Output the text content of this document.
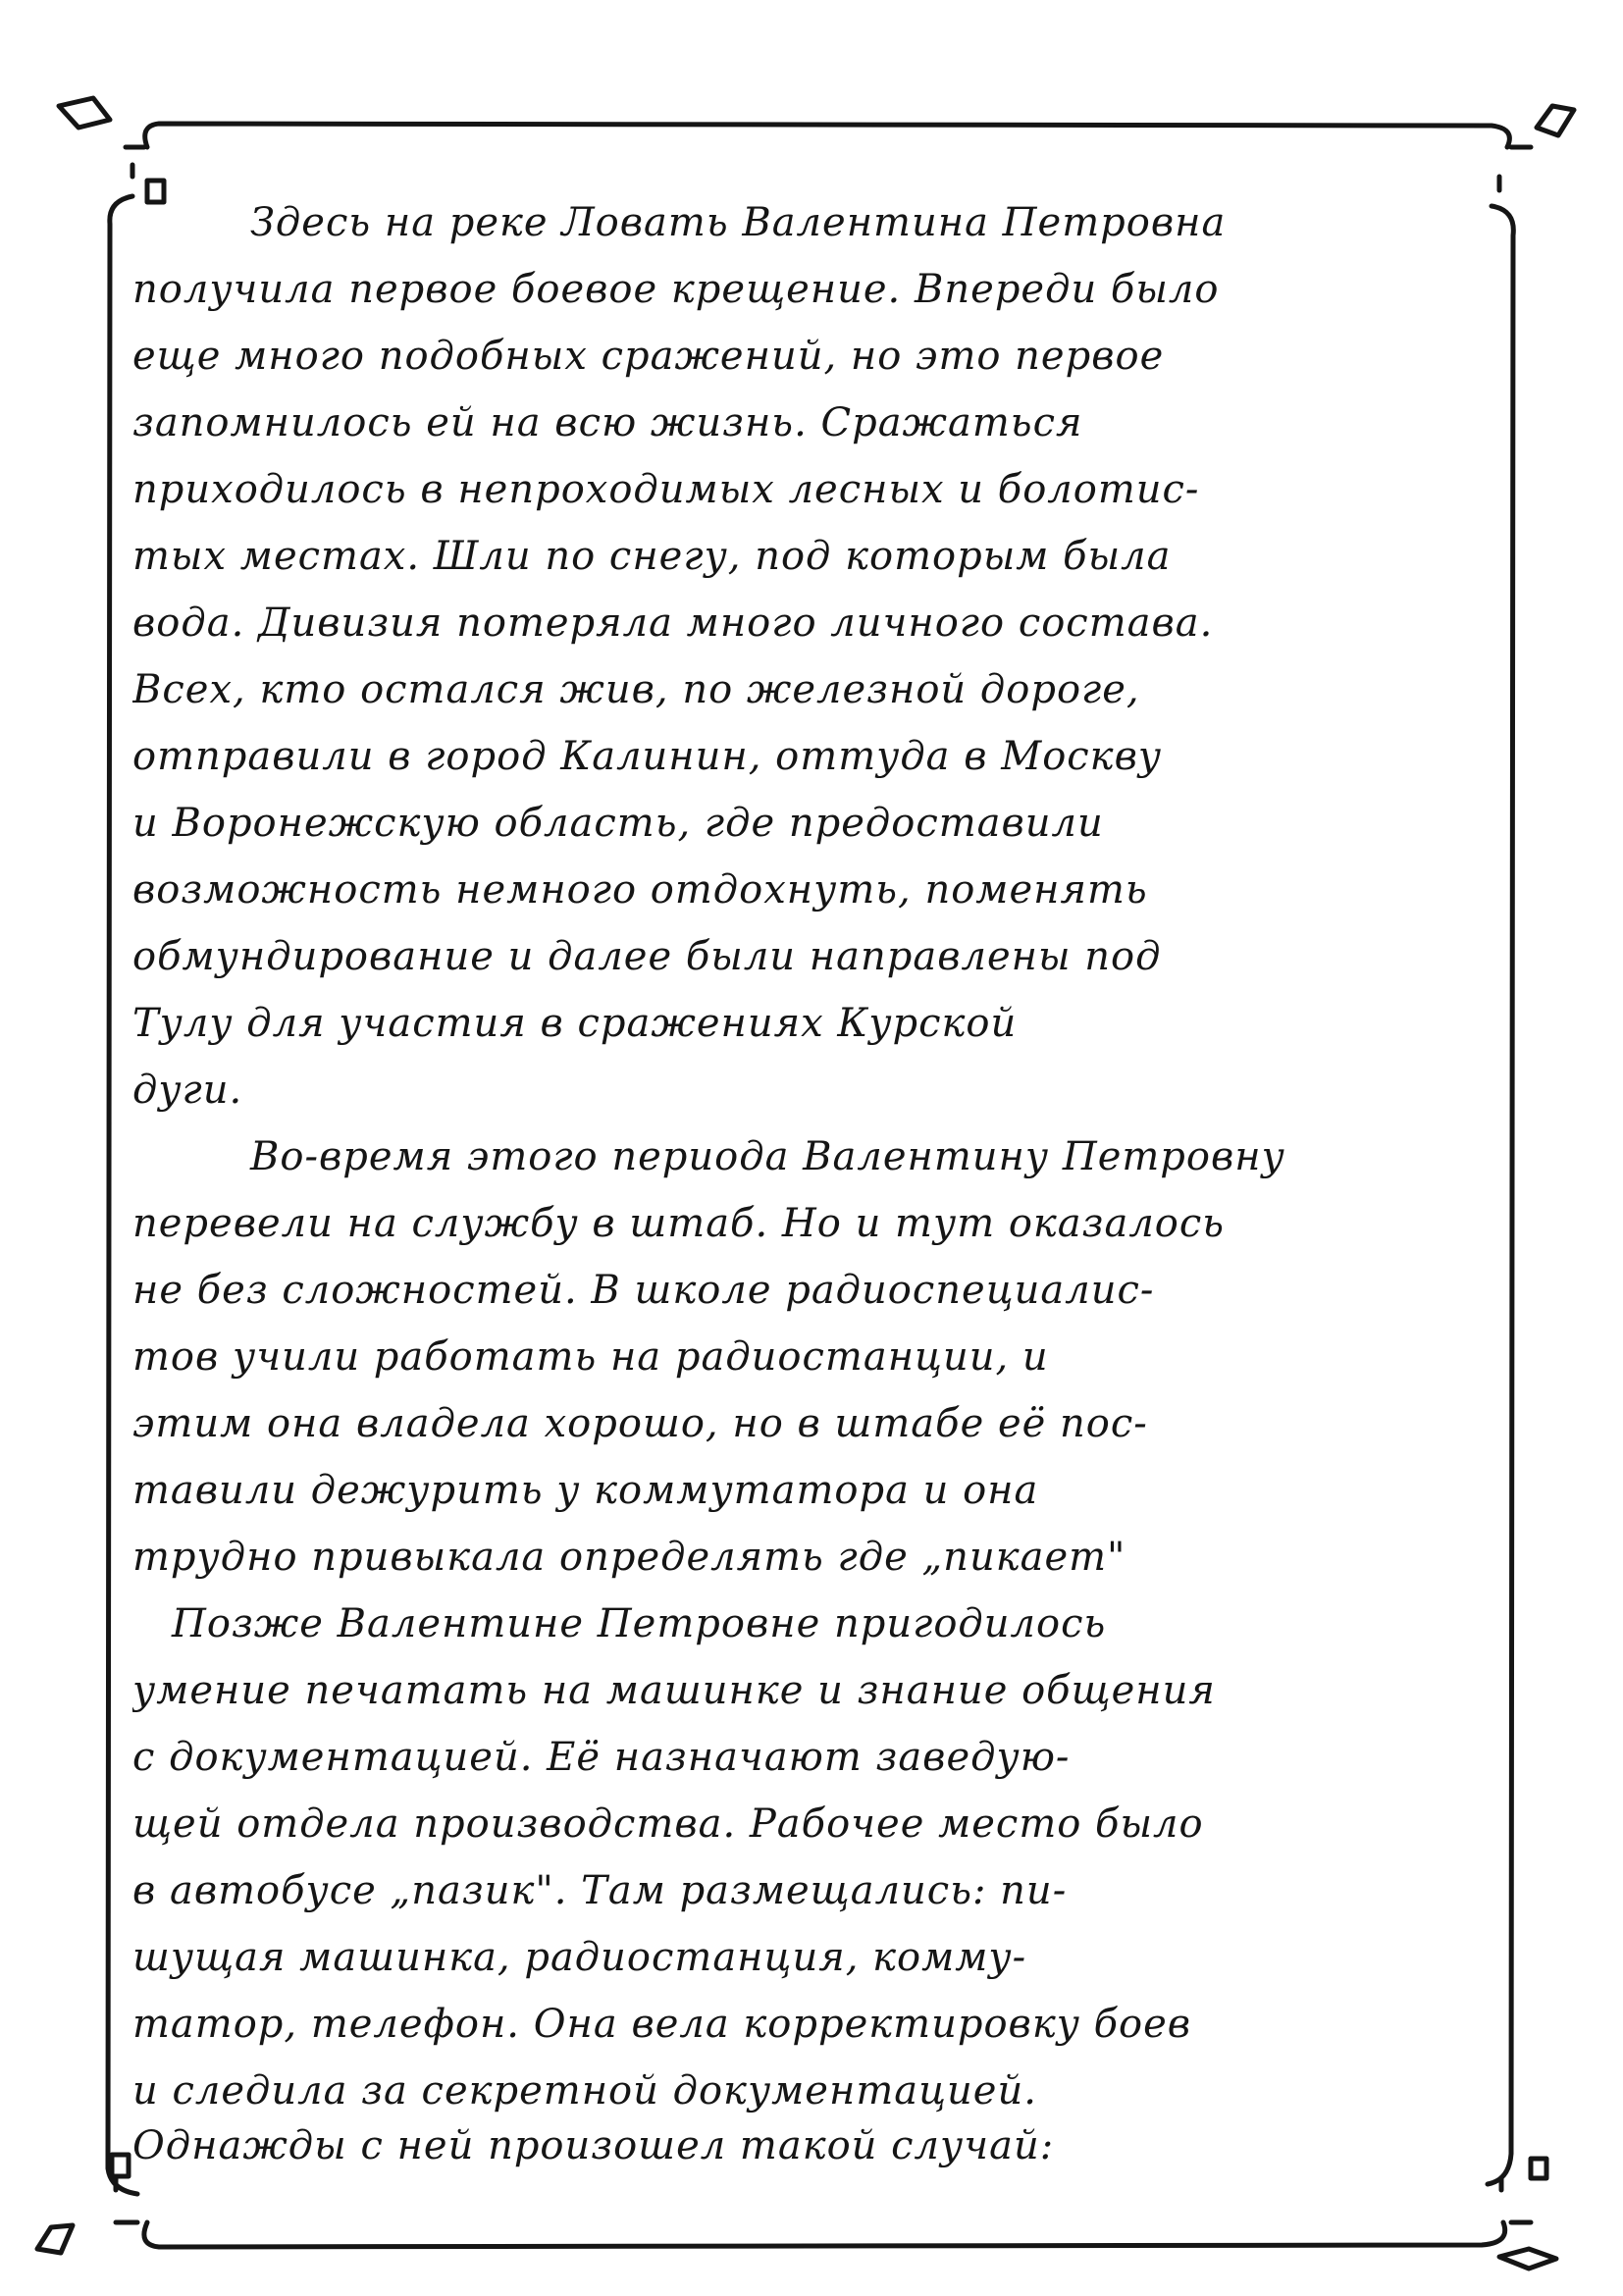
Здесь на реке Ловать Валентина Петровна
получила первое боевое крещение. Впереди было
еще много подобных сражений, но это первое
запомнилось ей на всю жизнь. Сражаться
приходилось в непроходимых лесных и болотис-
тых местах. Шли по снегу, под которым была
вода. Дивизия потеряла много личного состава.
Всех, кто остался жив, по железной дороге,
отправили в город Калинин, оттуда в Москву
и Воронежскую область, где предоставили
возможность немного отдохнуть, поменять
обмундирование и далее были направлены под
Тулу для участия в сражениях Курской
дуги.
Во-время этого периода Валентину Петровну
перевели на службу в штаб. Но и тут оказалось
не без сложностей. В школе радиоспециалис-
тов учили работать на радиостанции, и
этим она владела хорошо, но в штабе её пос-
тавили дежурить у коммутатора и она
трудно привыкала определять где „пикает"
Позже Валентине Петровне пригодилось
умение печатать на машинке и знание общения
с документацией. Её назначают заведую-
щей отдела производства. Рабочее место было
в автобусе „пазик". Там размещались: пи-
шущая машинка, радиостанция, комму-
татор, телефон. Она вела корректировку боев
и следила за секретной документацией.
Однажды с ней произошел такой случай:
